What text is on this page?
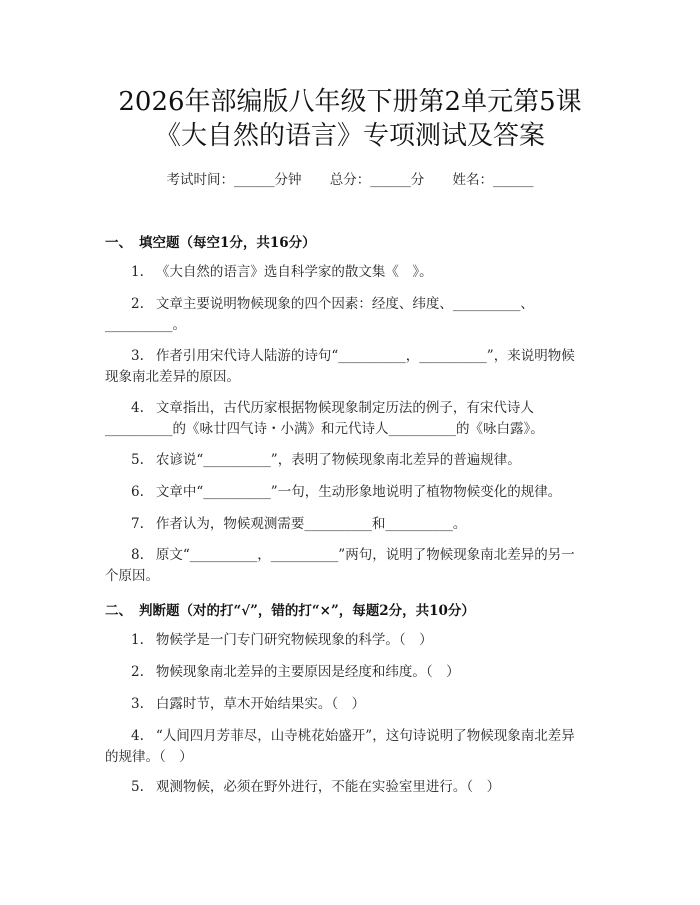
2026年部编版八年级下册第2单元第5课
《大自然的语言》专项测试及答案
考试时间：______分钟 总分：______分 姓名：______
一、 填空题（每空1分，共16分）
1. 《大自然的语言》选自科学家的散文集《　》。
2. 文章主要说明物候现象的四个因素：经度、纬度、__________、__________。
3. 作者引用宋代诗人陆游的诗句“__________，__________”，来说明物候现象南北差异的原因。
4. 文章指出，古代历家根据物候现象制定历法的例子，有宋代诗人__________的《咏廿四气诗・小满》和元代诗人__________的《咏白露》。
5. 农谚说“__________”，表明了物候现象南北差异的普遍规律。
6. 文章中“__________”一句，生动形象地说明了植物物候变化的规律。
7. 作者认为，物候观测需要__________和__________。
8. 原文“__________，__________”两句，说明了物候现象南北差异的另一个原因。
二、 判断题（对的打“√”，错的打“×”，每题2分，共10分）
1. 物候学是一门专门研究物候现象的科学。（　）
2. 物候现象南北差异的主要原因是经度和纬度。（　）
3. 白露时节，草木开始结果实。（　）
4. “人间四月芳菲尽，山寺桃花始盛开”，这句诗说明了物候现象南北差异的规律。（　）
5. 观测物候，必须在野外进行，不能在实验室里进行。（　）
